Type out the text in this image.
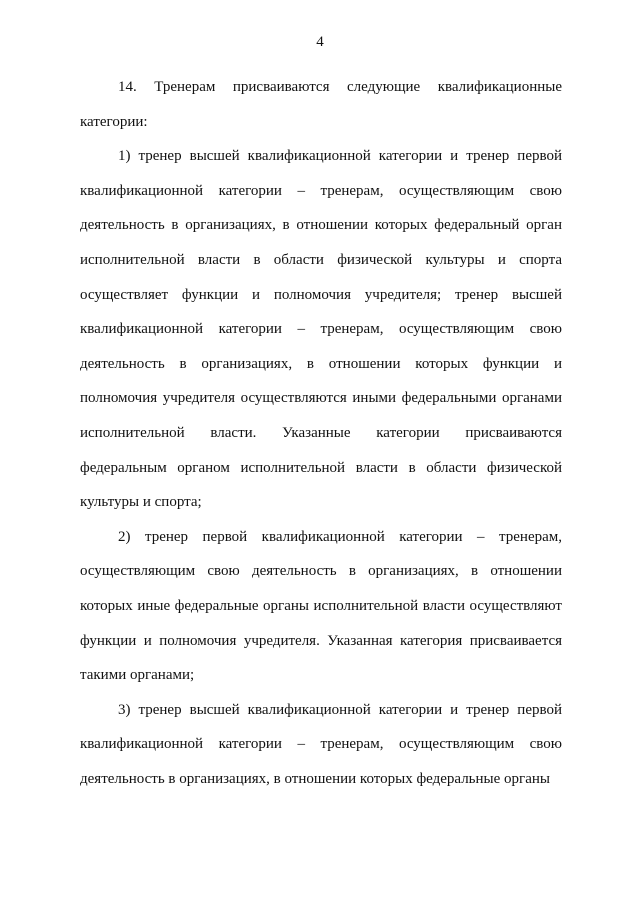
4

14. Тренерам присваиваются следующие квалификационные категории:

1) тренер высшей квалификационной категории и тренер первой квалификационной категории – тренерам, осуществляющим свою деятельность в организациях, в отношении которых федеральный орган исполнительной власти в области физической культуры и спорта осуществляет функции и полномочия учредителя; тренер высшей квалификационной категории – тренерам, осуществляющим свою деятельность в организациях, в отношении которых функции и полномочия учредителя осуществляются иными федеральными органами исполнительной власти. Указанные категории присваиваются федеральным органом исполнительной власти в области физической культуры и спорта;

2) тренер первой квалификационной категории – тренерам, осуществляющим свою деятельность в организациях, в отношении которых иные федеральные органы исполнительной власти осуществляют функции и полномочия учредителя. Указанная категория присваивается такими органами;

3) тренер высшей квалификационной категории и тренер первой квалификационной категории – тренерам, осуществляющим свою деятельность в организациях, в отношении которых федеральные органы
